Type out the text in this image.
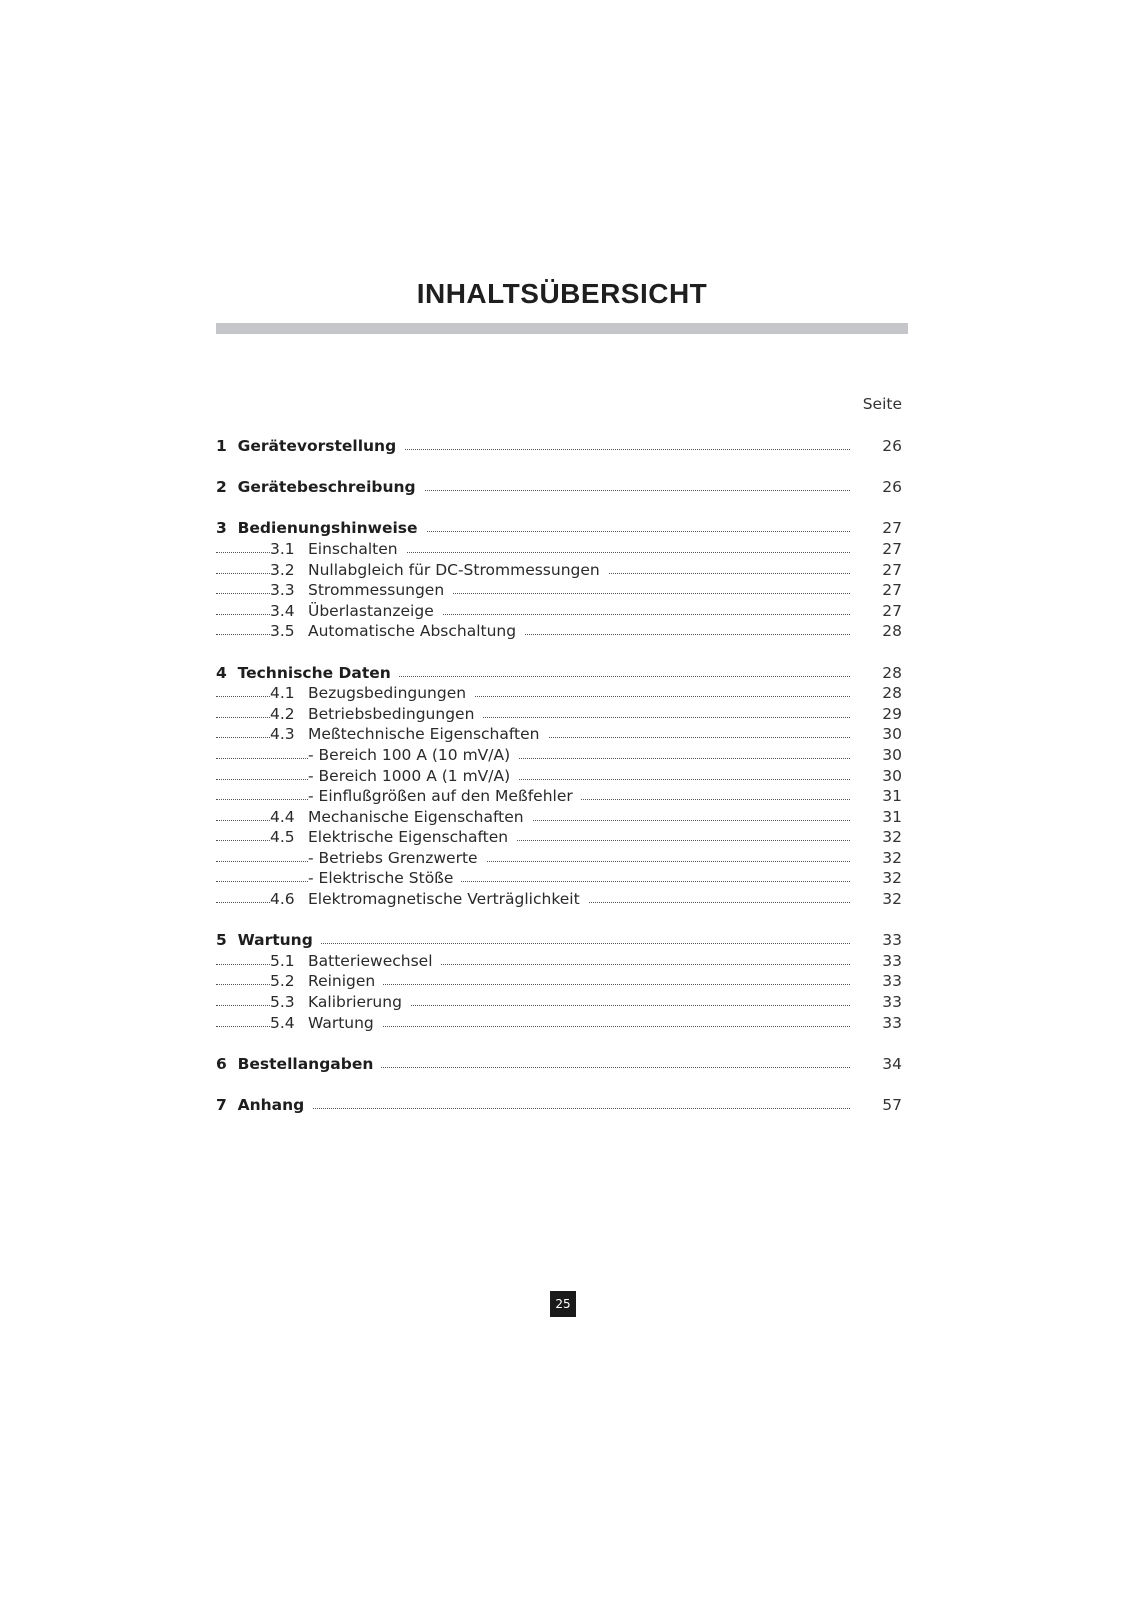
INHALTSÜBERSICHT
Seite
1 Gerätevorstellung	26
2 Gerätebeschreibung	26
3 Bedienungshinweise	27
3.1 Einschalten	27
3.2 Nullabgleich für DC-Strommessungen	27
3.3 Strommessungen	27
3.4 Überlastanzeige	27
3.5 Automatische Abschaltung	28
4 Technische Daten	28
4.1 Bezugsbedingungen	28
4.2 Betriebsbedingungen	29
4.3 Meßtechnische Eigenschaften	30
- Bereich 100 A (10 mV/A)	30
- Bereich 1000 A (1 mV/A)	30
- Einflußgrößen auf den Meßfehler	31
4.4 Mechanische Eigenschaften	31
4.5 Elektrische Eigenschaften	32
- Betriebs Grenzwerte	32
- Elektrische Stöße	32
4.6 Elektromagnetische Verträglichkeit	32
5 Wartung	33
5.1 Batteriewechsel	33
5.2 Reinigen	33
5.3 Kalibrierung	33
5.4 Wartung	33
6 Bestellangaben	34
7 Anhang	57
25
